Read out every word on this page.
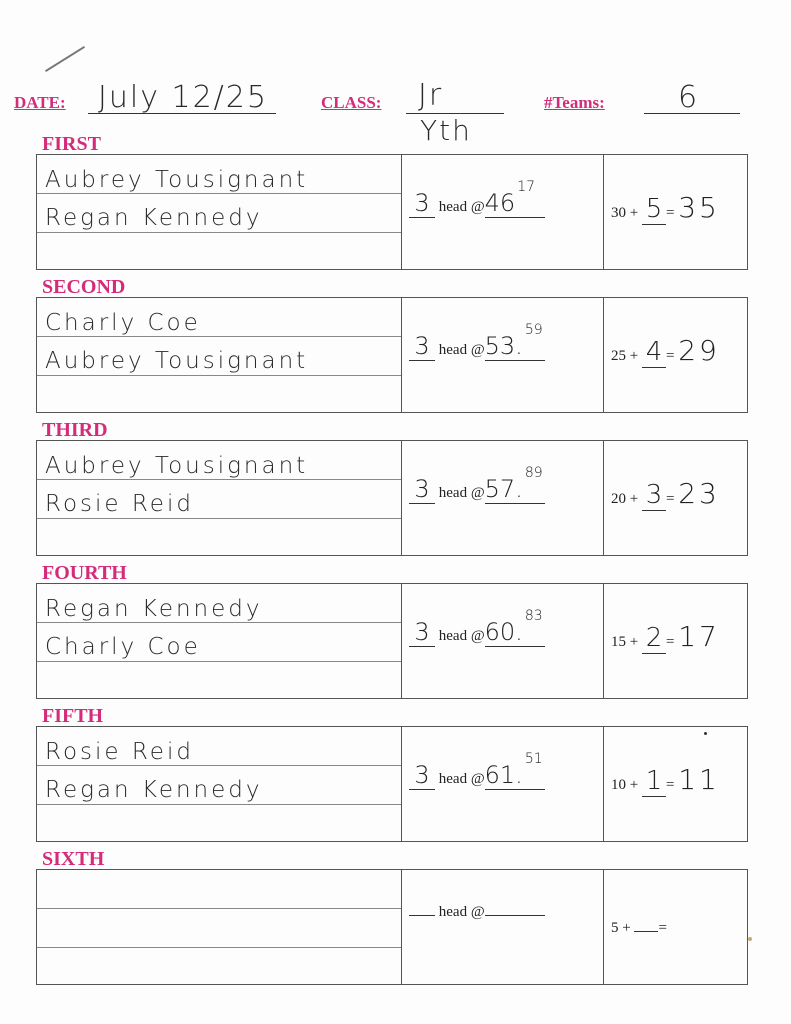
DATE: July 12/25	CLASS: Jr
Yth
#Teams: 6
FIRST
Aubrey Tousignant
Regan Kennedy
3 head @46
17
30 + 5 = 35
SECOND
Charly Coe
Aubrey Tousignant
3 head @53.
59
25 + 4 = 29
THIRD
Aubrey Tousignant
Rosie Reid
3 head @57.
89
20 + 3 = 23
FOURTH
Regan Kennedy
Charly Coe
3 head @60.
83
15 + 2 = 17
FIFTH
Rosie Reid
Regan Kennedy
3 head @61.
51
10 + 1 = 11
SIXTH
head @
5 + =
